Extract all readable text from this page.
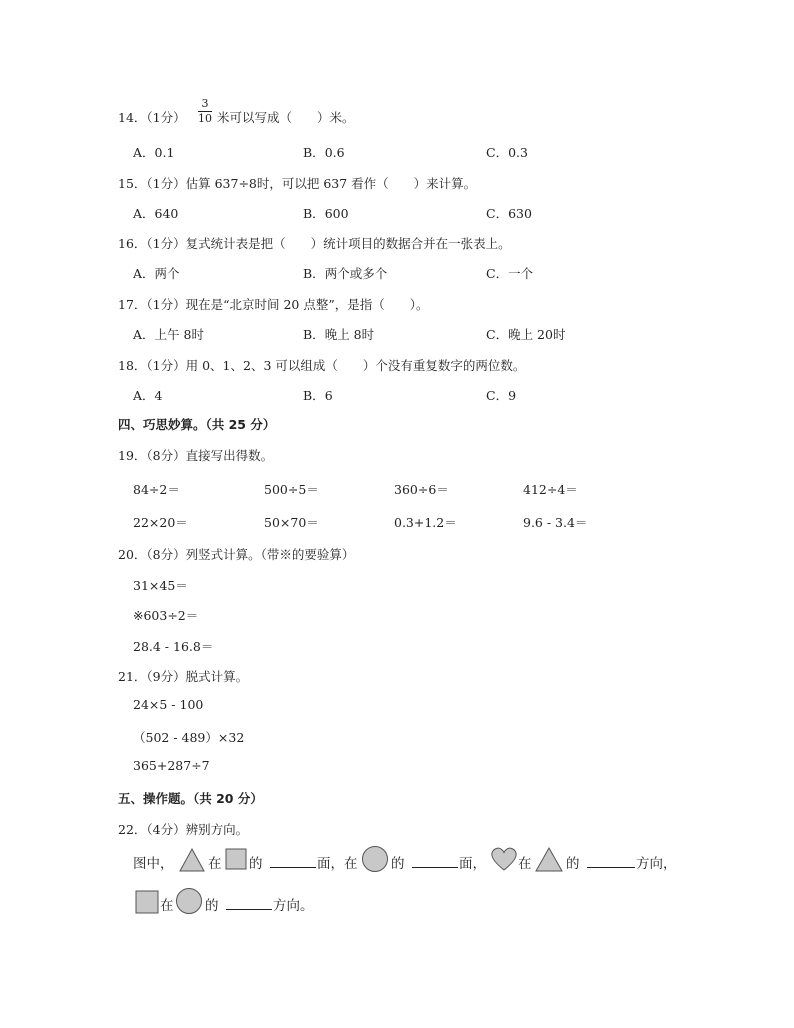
14．（1分）
3
10 米可以写成（　　）米。
A．0.1	B．0.6	C．0.3
15．（1分）估算 637÷8时，可以把 637 看作（　　）来计算。
A．640	B．600	C．630
16．（1分）复式统计表是把（　　）统计项目的数据合并在一张表上。
A．两个	B．两个或多个	C．一个
17．（1分）现在是“北京时间 20 点整”，是指（　　）。
A．上午 8时	B．晚上 8时	C．晚上 20时
18．（1分）用 0、1、2、3 可以组成（　　）个没有重复数字的两位数。
A．4	B．6	C．9
四、巧思妙算。（共 25 分）
19．（8分）直接写出得数。
84÷2＝	500÷5＝	360÷6＝	412÷4＝
22×20＝	50×70＝	0.3+1.2＝	9.6 - 3.4＝
20．（8分）列竖式计算。（带※的要验算）
31×45＝
※603÷2＝
28.4 - 16.8＝
21．（9分）脱式计算。
24×5 - 100
（502 - 489）×32
365+287÷7
五、操作题。（共 20 分）
22．（4分）辨别方向。
图中，	在 的	面，在 的	面， 在	的	方向，
在 的	方向。
